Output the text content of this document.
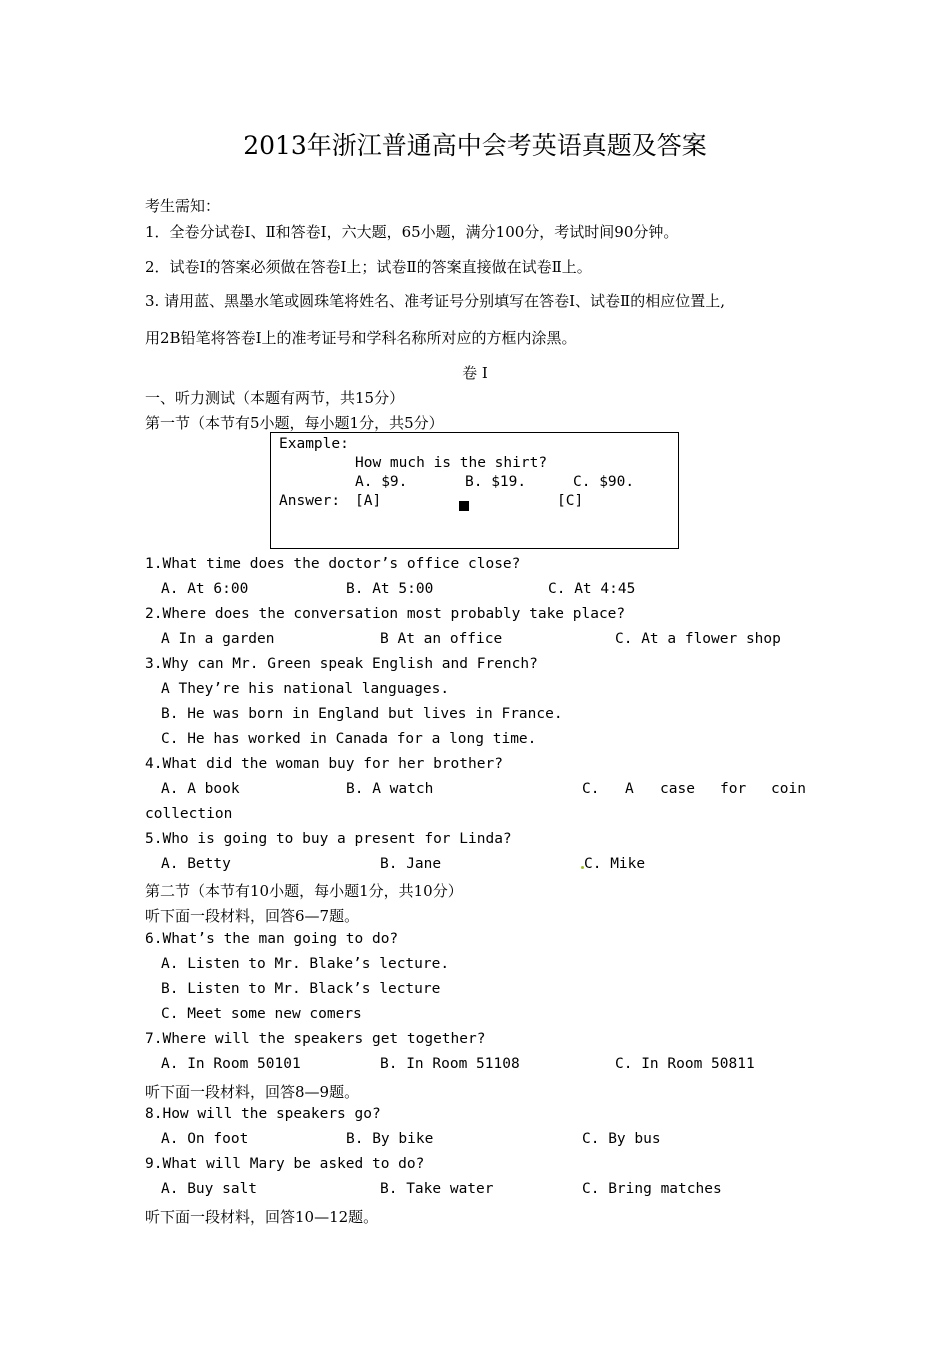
2013年浙江普通高中会考英语真题及答案
考生需知：
1．全卷分试卷Ⅰ、Ⅱ和答卷Ⅰ，六大题，65小题，满分100分，考试时间90分钟。
2．试卷Ⅰ的答案必须做在答卷Ⅰ上；试卷Ⅱ的答案直接做在试卷Ⅱ上。
3. 请用蓝、黑墨水笔或圆珠笔将姓名、准考证号分别填写在答卷Ⅰ、试卷Ⅱ的相应位置上,
用2B铅笔将答卷Ⅰ上的准考证号和学科名称所对应的方框内涂黑。
卷 Ⅰ
一、听力测试（本题有两节，共15分）
第一节（本节有5小题，每小题1分，共5分）
Example:
How much is the shirt?
A. $9.	B. $19.	C. $90.
Answer: [A]	[C]
1.What time does the doctor’s office close?
A. At 6:00	B. At 5:00	C. At 4:45
2.Where does the conversation most probably take place?
A In a garden	B At an office	C. At a flower shop
3.Why can Mr. Green speak English and French?
A They’re his national languages.
B. He was born in England but lives in France.
C. He has worked in Canada for a long time.
4.What did the woman buy for her brother?
A. A book	B. A watch	C. A case for coin
collection
5.Who is going to buy a present for Linda?
A. Betty	B. Jane	C. Mike
第二节（本节有10小题，每小题1分，共10分）
听下面一段材料，回答6—7题。
6.What’s the man going to do?
A. Listen to Mr. Blake’s lecture.
B. Listen to Mr. Black’s lecture
C. Meet some new comers
7.Where will the speakers get together?
A. In Room 50101	B. In Room 51108	C. In Room 50811
听下面一段材料，回答8—9题。
8.How will the speakers go?
A. On foot	B. By bike	C. By bus
9.What will Mary be asked to do?
A. Buy salt	B. Take water	C. Bring matches
听下面一段材料，回答10—12题。
